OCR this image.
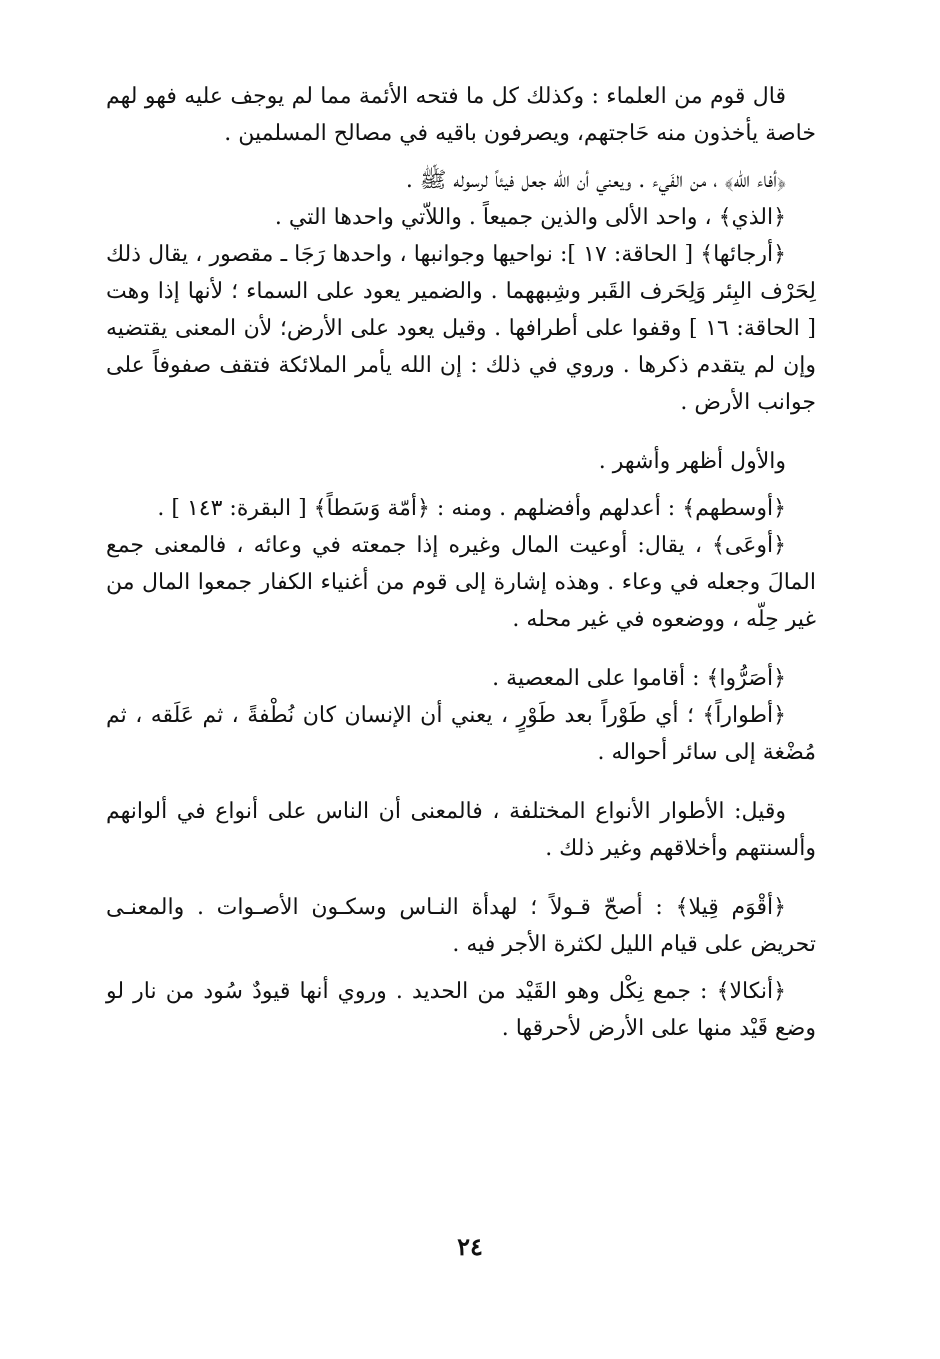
قال قوم من العلماء : وكذلك كل ما فتحه الأئمة مما لم يوجف عليه فهو لهم خاصة يأخذون منه حَاجتهم، ويصرفون باقيه في مصالح المسلمين .

﴿أفاء الله﴾ ، من الفَيء . ويعني أن الله جعل فيئاً لرسوله ﷺ .

﴿الذي﴾ ، واحد الألى والذين جميعاً . واللاّتي واحدها التي .

﴿أرجائها﴾ [ الحاقة: ١٧ ]: نواحيها وجوانبها ، واحدها رَجَا ـ مقصور ، يقال ذلك لِحَرْف البِئر وَلِحَرف القَبر وشِبههما . والضمير يعود على السماء ؛ لأنها إذا وهت [ الحاقة: ١٦ ] وقفوا على أطرافها . وقيل يعود على الأرض؛ لأن المعنى يقتضيه وإن لم يتقدم ذكرها . وروي في ذلك : إن الله يأمر الملائكة فتقف صفوفاً على جوانب الأرض .

والأول أظهر وأشهر .

﴿أوسطهم﴾ : أعدلهم وأفضلهم . ومنه : ﴿أمّة وَسَطاً﴾ [ البقرة: ١٤٣ ] .

﴿أوعَى﴾ ، يقال: أوعيت المال وغيره إذا جمعته في وعائه ، فالمعنى جمع المالَ وجعله في وعاء . وهذه إشارة إلى قوم من أغنياء الكفار جمعوا المال من غير حِلّه ، ووضعوه في غير محله .

﴿أصَرُّوا﴾ : أقاموا على المعصية .

﴿أطواراً﴾ ؛ أي طَوْراً بعد طَوْرٍ ، يعني أن الإنسان كان نُطْفةً ، ثم عَلَقه ، ثم مُضْغة إلى سائر أحواله .

وقيل: الأطوار الأنواع المختلفة ، فالمعنى أن الناس على أنواع في ألوانهم وألسنتهم وأخلاقهم وغير ذلك .

﴿أقْوَم قِيلا﴾ : أصحّ قـولاً ؛ لهدأة النـاس وسكـون الأصـوات . والمعنـى تحريض على قيام الليل لكثرة الأجر فيه .

﴿أنكالا﴾ : جمع نِكْل وهو القَيْد من الحديد . وروي أنها قيودٌ سُود من نار لو وضع قَيْد منها على الأرض لأحرقها .

٢٤
